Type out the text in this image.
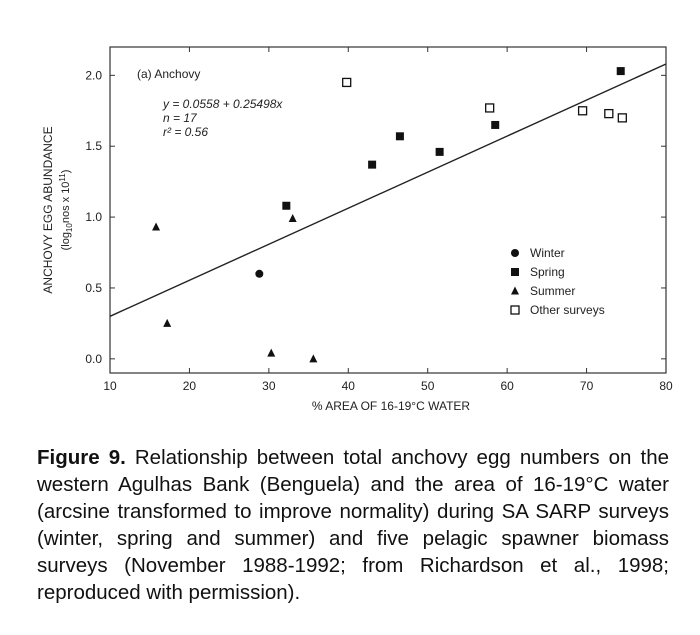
10	20	30	40	50	60	70	80
0.0
0.5
1.0
1.5
2.0	(a) Anchovy
y = 0.0558 + 0.25498x
n = 17
r² = 0.56
Winter
Spring
Summer
Other surveys
% AREA OF 16-19°C WATER
ANCHOVY EGG ABUNDANCE ($\log_{10}nos$ x $10^{11}$)

Figure 9. Relationship between total anchovy egg numbers on the western Agulhas Bank (Benguela) and the area of 16-19°C water (arcsine transformed to improve normality) during SA SARP surveys (winter, spring and summer) and five pelagic spawner biomass surveys (November 1988-1992; from Richardson et al., 1998; reproduced with permission).
